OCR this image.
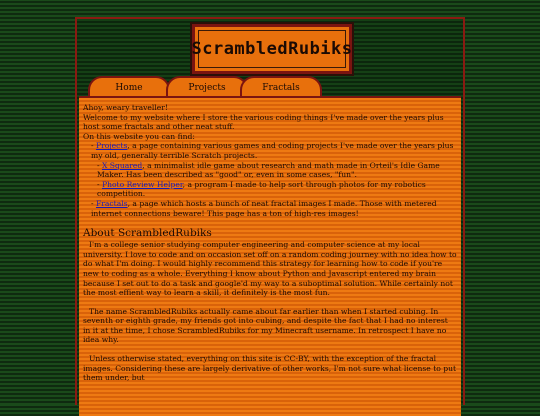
ScrambledRubiks
Home	Projects	Fractals

Ahoy, weary traveller!

Welcome to my website where I store the various coding things I've made over the years plus host some fractals and other neat stuff.

On this website you can find:

- Projects, a page containing various games and coding projects I've made over the years plus my old, generally terrible Scratch projects.

- X Squared, a minimalist idle game about research and math made in Orteil's Idle Game Maker. Has been described as "good" or, even in some cases, "fun".

- Photo Review Helper, a program I made to help sort through photos for my robotics competition.

- Fractals, a page which hosts a bunch of neat fractal images I made. Those with metered internet connections beware! This page has a ton of high-res images!

About ScrambledRubiks

I'm a college senior studying computer engineering and computer science at my local university. I love to code and on occasion set off on a random coding journey with no idea how to do what I'm doing. I would highly recommend this strategy for learning how to code if you're new to coding as a whole. Everything I know about Python and Javascript entered my brain because I set out to do a task and google'd my way to a suboptimal solution. While certainly not the most effient way to learn a skill, it definitely is the most fun.

The name ScrambledRubiks actually came about far earlier than when I started cubing. In seventh or eighth grade, my friends got into cubing, and despite the fact that I had no interest in it at the time, I chose ScrambledRubiks for my Minecraft username. In retrospect I have no idea why.

Unless otherwise stated, everything on this site is CC-BY, with the exception of the fractal images. Considering these are largely derivative of other works, I'm not sure what license to put them under, but
